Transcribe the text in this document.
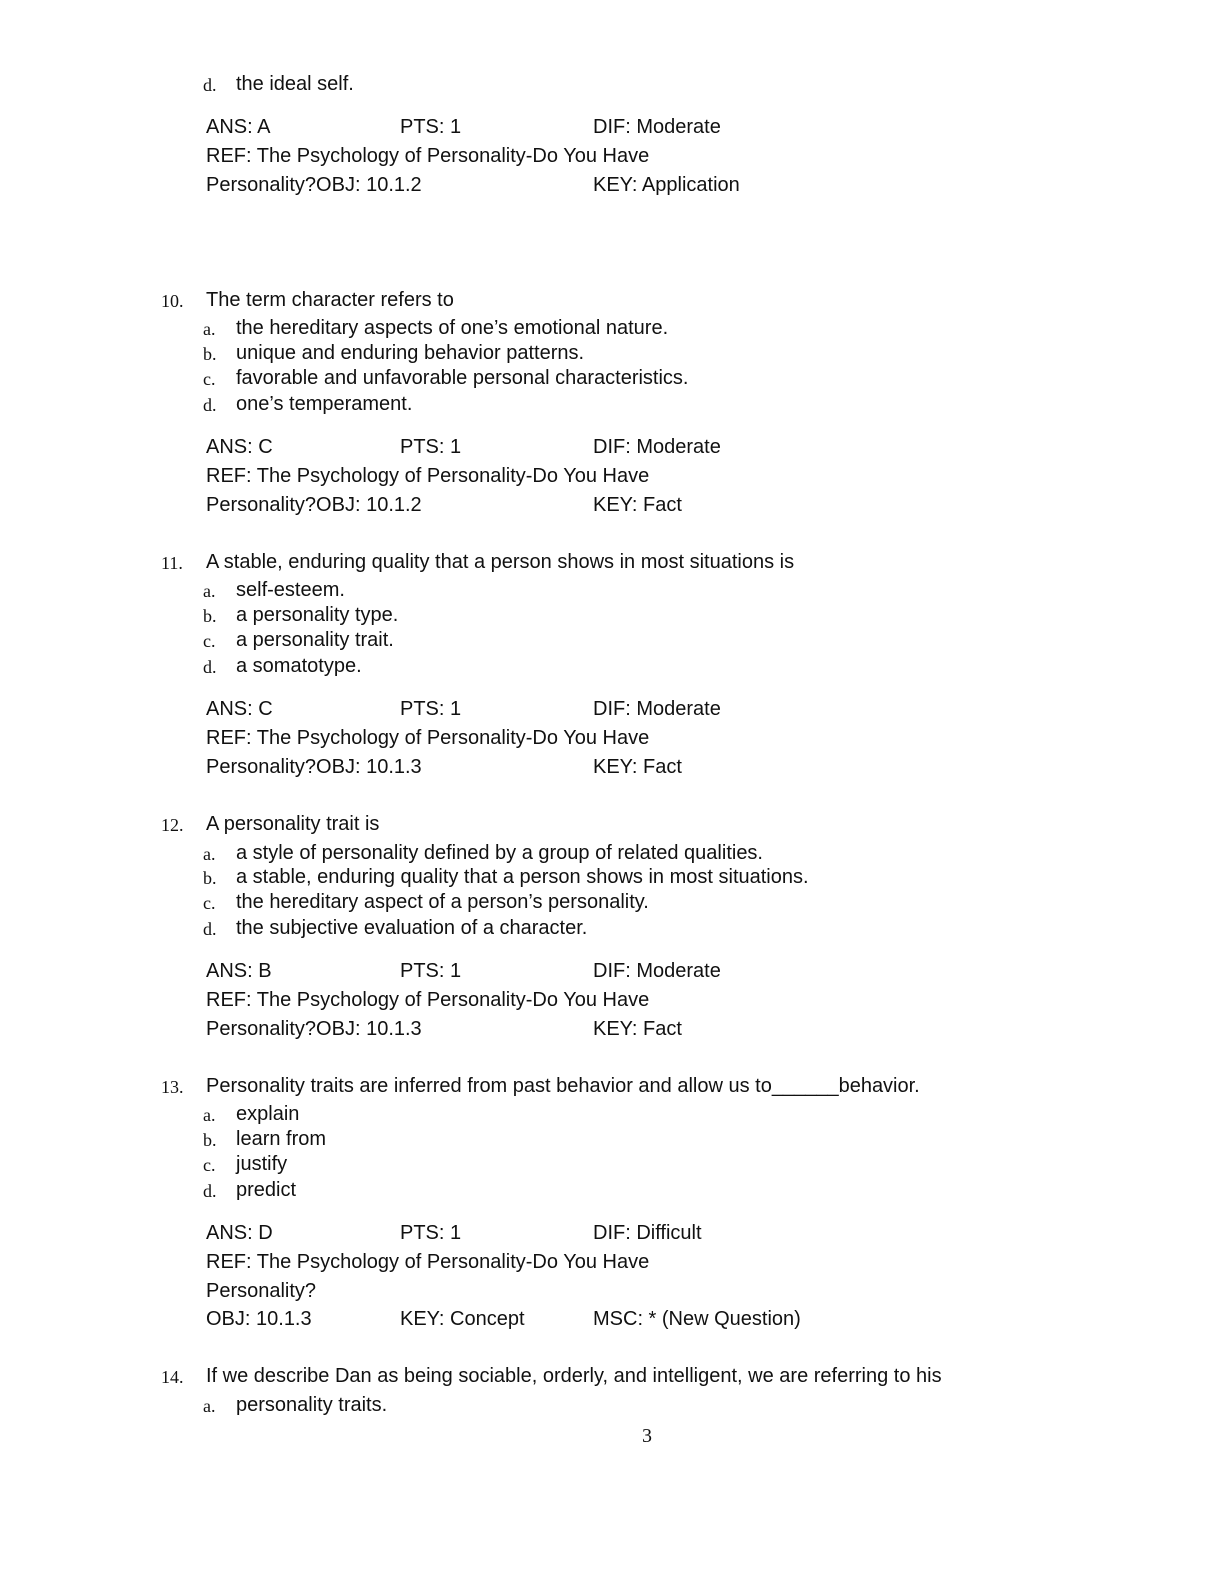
d. the ideal self.
ANS: A	PTS: 1	DIF: Moderate
REF: The Psychology of Personality-Do You Have
Personality?OBJ: 10.1.2	KEY: Application
10. The term character refers to
a. the hereditary aspects of one’s emotional nature.
b. unique and enduring behavior patterns.
c. favorable and unfavorable personal characteristics.
d. one’s temperament.
ANS: C	PTS: 1	DIF: Moderate
REF: The Psychology of Personality-Do You Have
Personality?OBJ: 10.1.2	KEY: Fact
11. A stable, enduring quality that a person shows in most situations is
a. self-esteem.
b. a personality type.
c. a personality trait.
d. a somatotype.
ANS: C	PTS: 1	DIF: Moderate
REF: The Psychology of Personality-Do You Have
Personality?OBJ: 10.1.3	KEY: Fact
12. A personality trait is
a. a style of personality defined by a group of related qualities.
b. a stable, enduring quality that a person shows in most situations.
c. the hereditary aspect of a person’s personality.
d. the subjective evaluation of a character.
ANS: B	PTS: 1	DIF: Moderate
REF: The Psychology of Personality-Do You Have
Personality?OBJ: 10.1.3	KEY: Fact
13. Personality traits are inferred from past behavior and allow us to______behavior.
a. explain
b. learn from
c. justify
d. predict
ANS: D	PTS: 1	DIF: Difficult
REF: The Psychology of Personality-Do You Have
Personality?
OBJ: 10.1.3	KEY: Concept	MSC: * (New Question)
14. If we describe Dan as being sociable, orderly, and intelligent, we are referring to his
a. personality traits.
3
